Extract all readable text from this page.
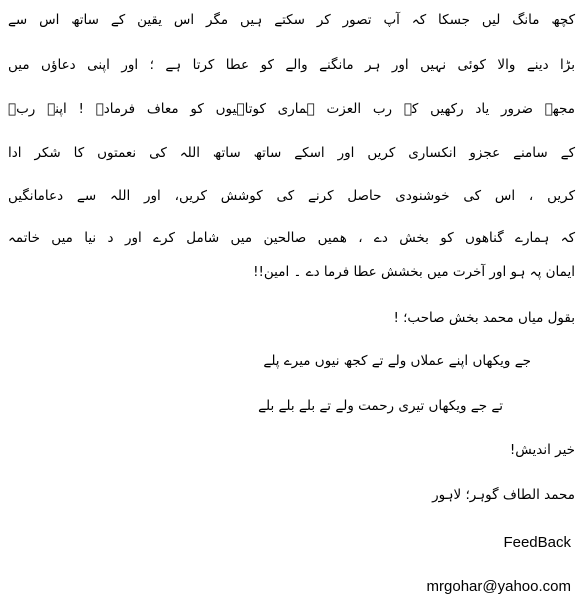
کچھ مانگ لیں جسکا کہ آپ تصور کر سکتے ہیں مگر اس یقین کے ساتھ اس سے
بڑا دینے والا کوئی نہیں اور ہر مانگنے والے کو عطا کرتا ہے ؛ اور اپنی دعاؤں میں
مجھے ضرور یاد رکھیں کہ رب العزت ہماری کوتاہیوں کو معاف فرمادے ! اپنے ربؐ
کے سامنے عجزو انکساری کریں اور اسکے ساتھ ساتھ اللہ کی نعمتوں کا شکر ادا
کریں ، اس کی خوشنودی حاصل کرنے کی کوشش کریں، اور اللہ سے دعامانگیں
کہ ہمارے گناھوں کو بخش دے ، ھمیں صالحین میں شامل کرے اور د نیا میں خاتمہ
ایمان پہ ہو اور آخرت میں بخشش عطا فرما دے ۔ امین!!
بقول میاں محمد بخش صاحب؛ !
جے ویکھاں اپنے عملاں ولے تے کجھ نیوں میرے پلے
تے جے ویکھاں تیری رحمت ولے تے بلے بلے بلے
خیر اندیش!
محمد الطاف گوہر؛ لاہور
FeedBack
mrgohar@yahoo.com
